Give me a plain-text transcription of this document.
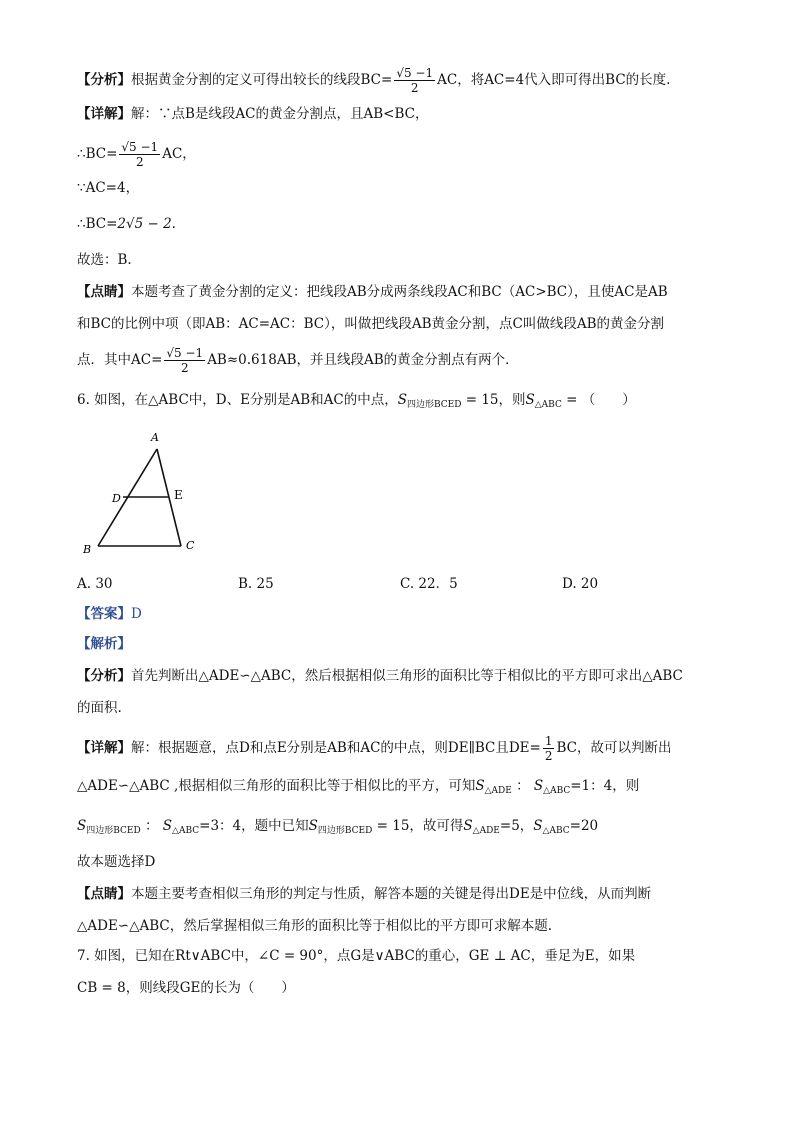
【分析】根据黄金分割的定义可得出较长的线段$BC= \frac{√5 -1}{2}$ AC，将AC=4代入即可得出BC的长度.
【详解】解：∵点B是线段AC的黄金分割点，且AB<BC，
∴BC= $\frac{√5 -1}{2}$ AC，
∵AC=4，
∴BC=2√5 − 2.
故选：B.
【点睛】本题考查了黄金分割的定义：把线段AB分成两条线段AC和BC（AC>BC），且使AC是AB
和BC的比例中项（即AB：AC=AC：BC），叫做把线段AB黄金分割，点C叫做线段AB的黄金分割
点．其中$AC= \frac{√5 -1}{2} AB\approx 0.618AB$，并且线段AB的黄金分割点有两个．
6. 如图，在△ABC中，D、E分别是AB和AC的中点，$S_{四边形BCED} = 15$，则$S_{\triangle ABC}$ = （　　）
A
B	C
D	E
A. 30	B. 25	C. 22．5	D. 20
【答案】D
【解析】
【分析】首先判断出△ADE∽△ABC，然后根据相似三角形的面积比等于相似比的平方即可求出△ABC
的面积.
【详解】解：根据题意，点D和点E分别是AB和AC的中点，则DE∥BC且$DE= \frac{1}{2}$ BC，故可以判断出
△ADE∽△ABC ,根据相似三角形的面积比等于相似比的平方，可知$S_{\triangle ADE}$ ： $S_{\triangle ABC}=1$：4，则
$S_{四边形BCED}$ ： $S_{\triangle ABC}=3$：4，题中已知$S_{四边形BCED} = 15$，故可得$S_{\triangle ADE}=5$，$S_{\triangle ABC}=20$
故本题选择D
【点睛】本题主要考查相似三角形的判定与性质，解答本题的关键是得出DE是中位线，从而判断
△ADE∽△ABC，然后掌握相似三角形的面积比等于相似比的平方即可求解本题.
7. 如图，已知在Rt∨ABC中，∠C = 90°，点G是∨ABC的重心，GE ⊥ AC，垂足为E，如果
CB = 8，则线段GE的长为（　　）
